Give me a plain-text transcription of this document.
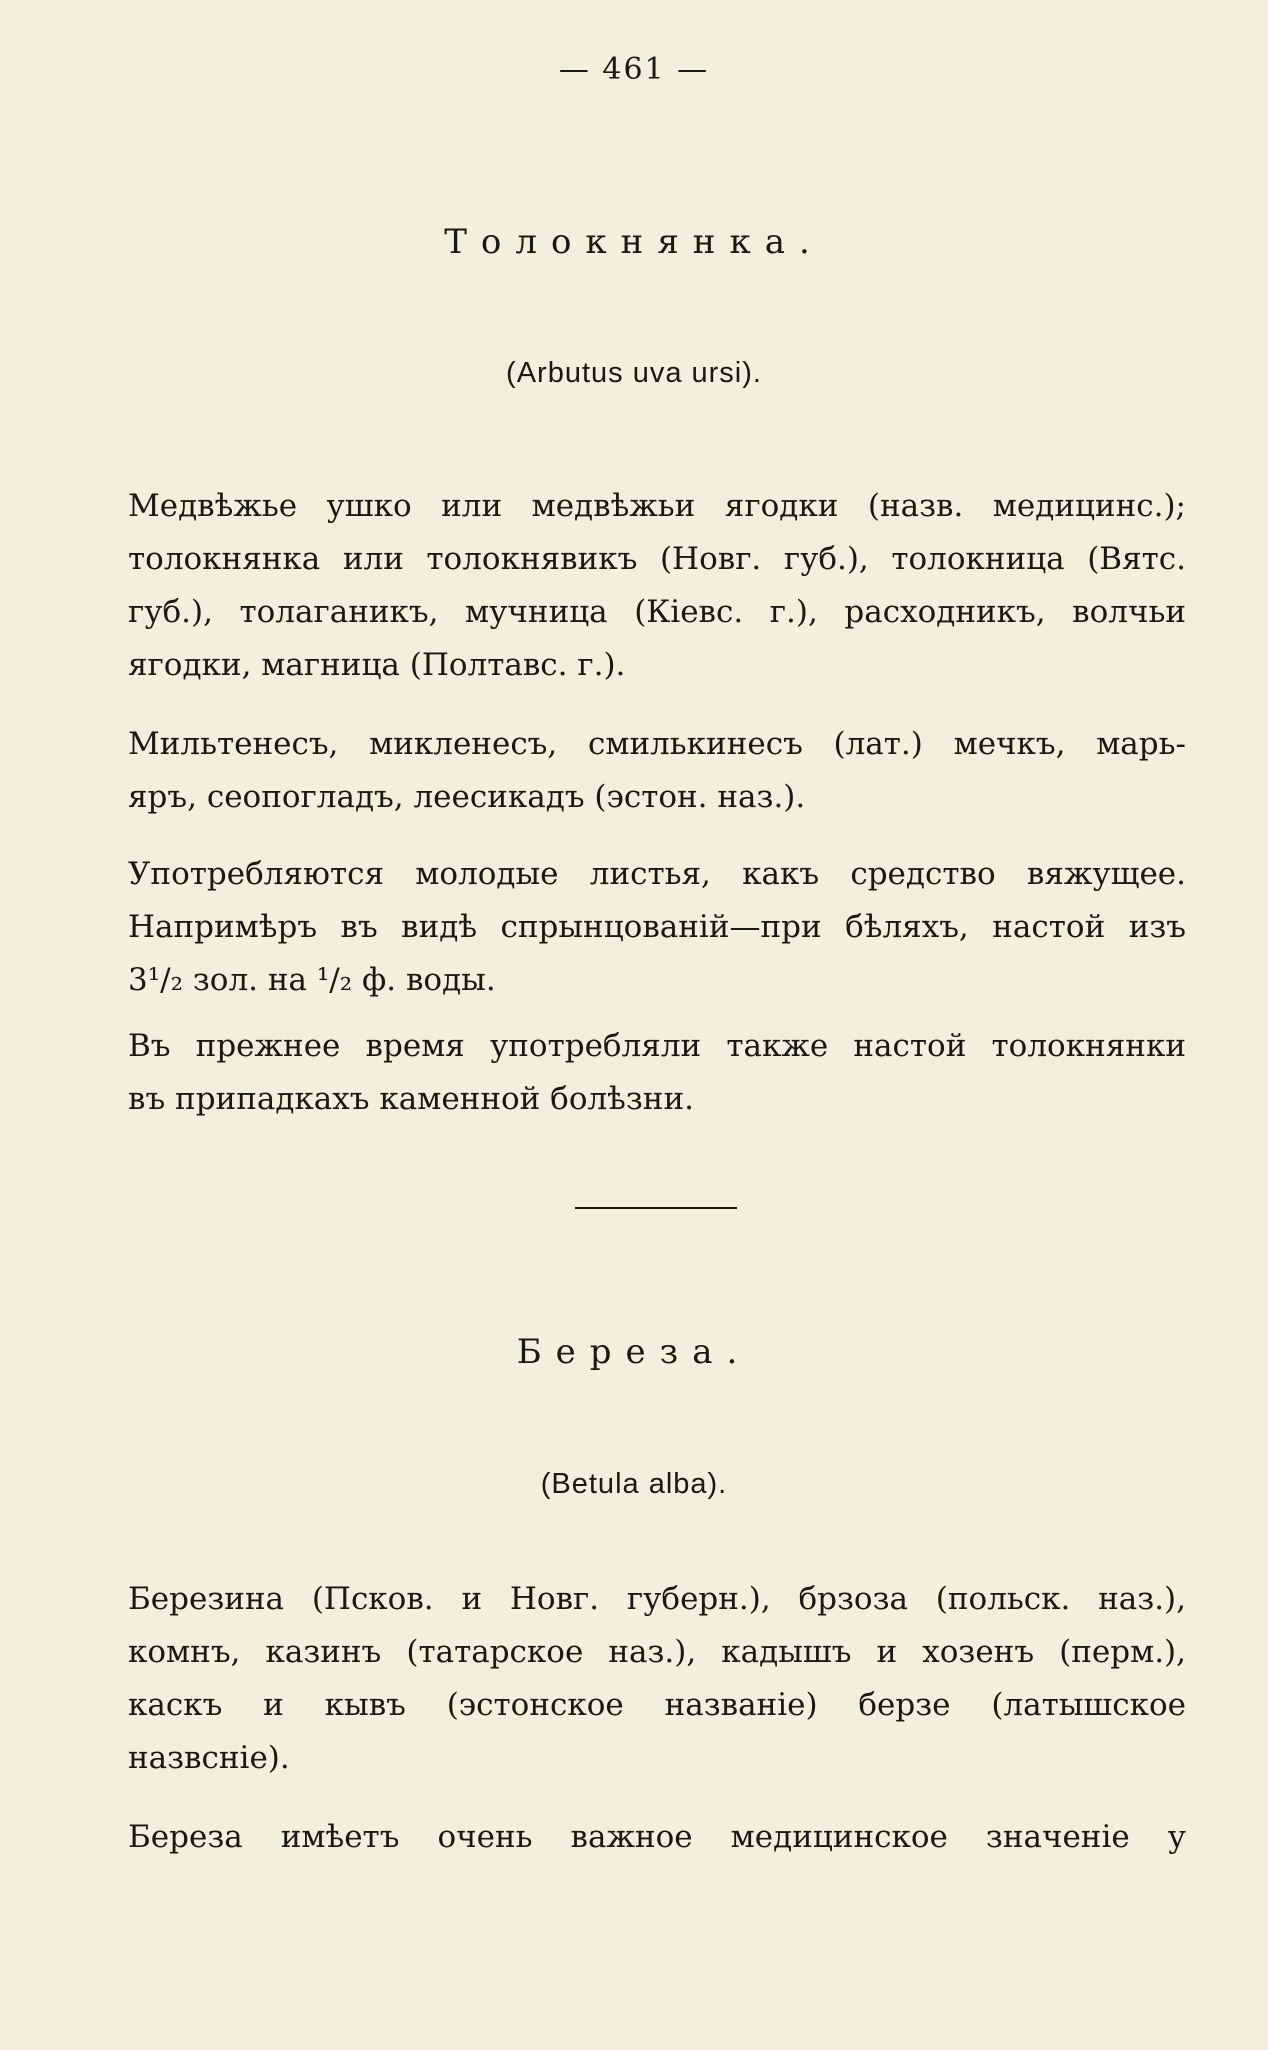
— 461 —
Толокнянка.
(Arbutus uva ursi).
Медвѣжье ушко или медвѣжьи ягодки (назв. медицинс.);
толокнянка или толокнявикъ (Новг. губ.), толокница (Вятс.
губ.), толаганикъ, мучница (Кіевс. г.), расходникъ, волчьи
ягодки, магница (Полтавс. г.).
Мильтенесъ, микленесъ, смилькинесъ (лат.) мечкъ, марь-
яръ, сеопогладъ, леесикадъ (эстон. наз.).
Употребляются молодые листья, какъ средство вяжущее.
Напримѣръ въ видѣ спрынцованій—при бѣляхъ, настой изъ
3¹/₂ зол. на ¹/₂ ф. воды.
Въ прежнее время употребляли также настой толокнянки
въ припадкахъ каменной болѣзни.
Береза.
(Betula alba).
Березина (Псков. и Новг. губерн.), брзоза (польск. наз.),
комнъ, казинъ (татарское наз.), кадышъ и хозенъ (перм.),
каскъ и кывъ (эстонское названіе) берзе (латышское
назвсніе).
Береза имѣетъ очень важное медицинское значеніе у
